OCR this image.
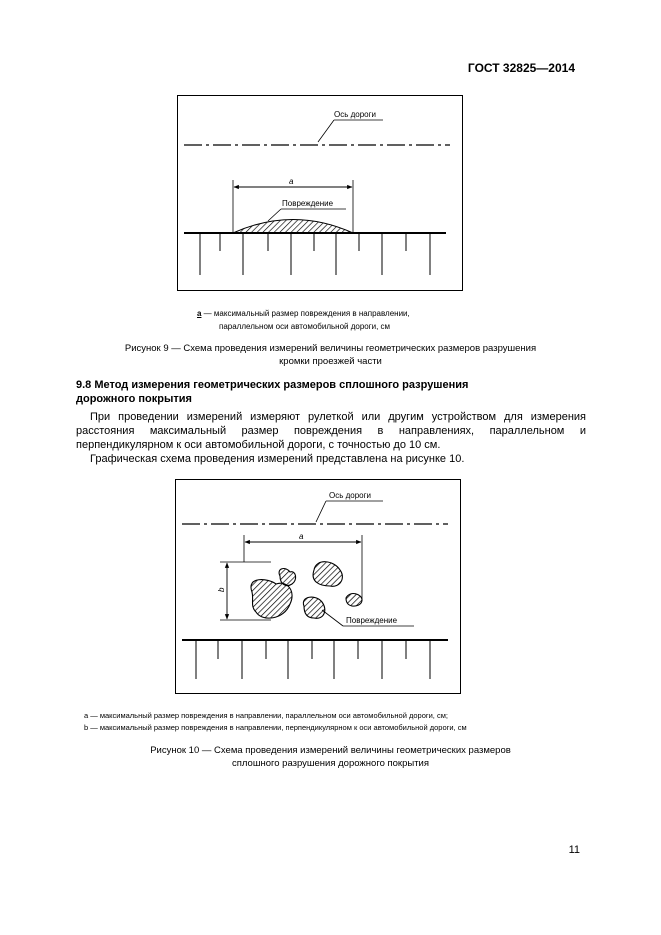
ГОСТ 32825—2014
Ось дороги
a
Повреждение
a — максимальный размер повреждения в направлении,
параллельном оси автомобильной дороги, см
Рисунок 9 — Схема проведения измерений величины геометрических размеров разрушения
кромки проезжей части
9.8 Метод измерения геометрических размеров сплошного разрушения
дорожного покрытия
При проведении измерений измеряют рулеткой или другим устройством для измерения расстояния максимальный размер повреждения в направлениях, параллельном и перпендикулярном к оси автомобильной дороги, с точностью до 10 см.
Графическая схема проведения измерений представлена на рисунке 10.
Ось дороги
a
b
Повреждение
a — максимальный размер повреждения в направлении, параллельном оси автомобильной дороги, см;
b — максимальный размер повреждения в направлении, перпендикулярном к оси автомобильной дороги, см
Рисунок 10 — Схема проведения измерений величины геометрических размеров
сплошного разрушения дорожного покрытия
11
